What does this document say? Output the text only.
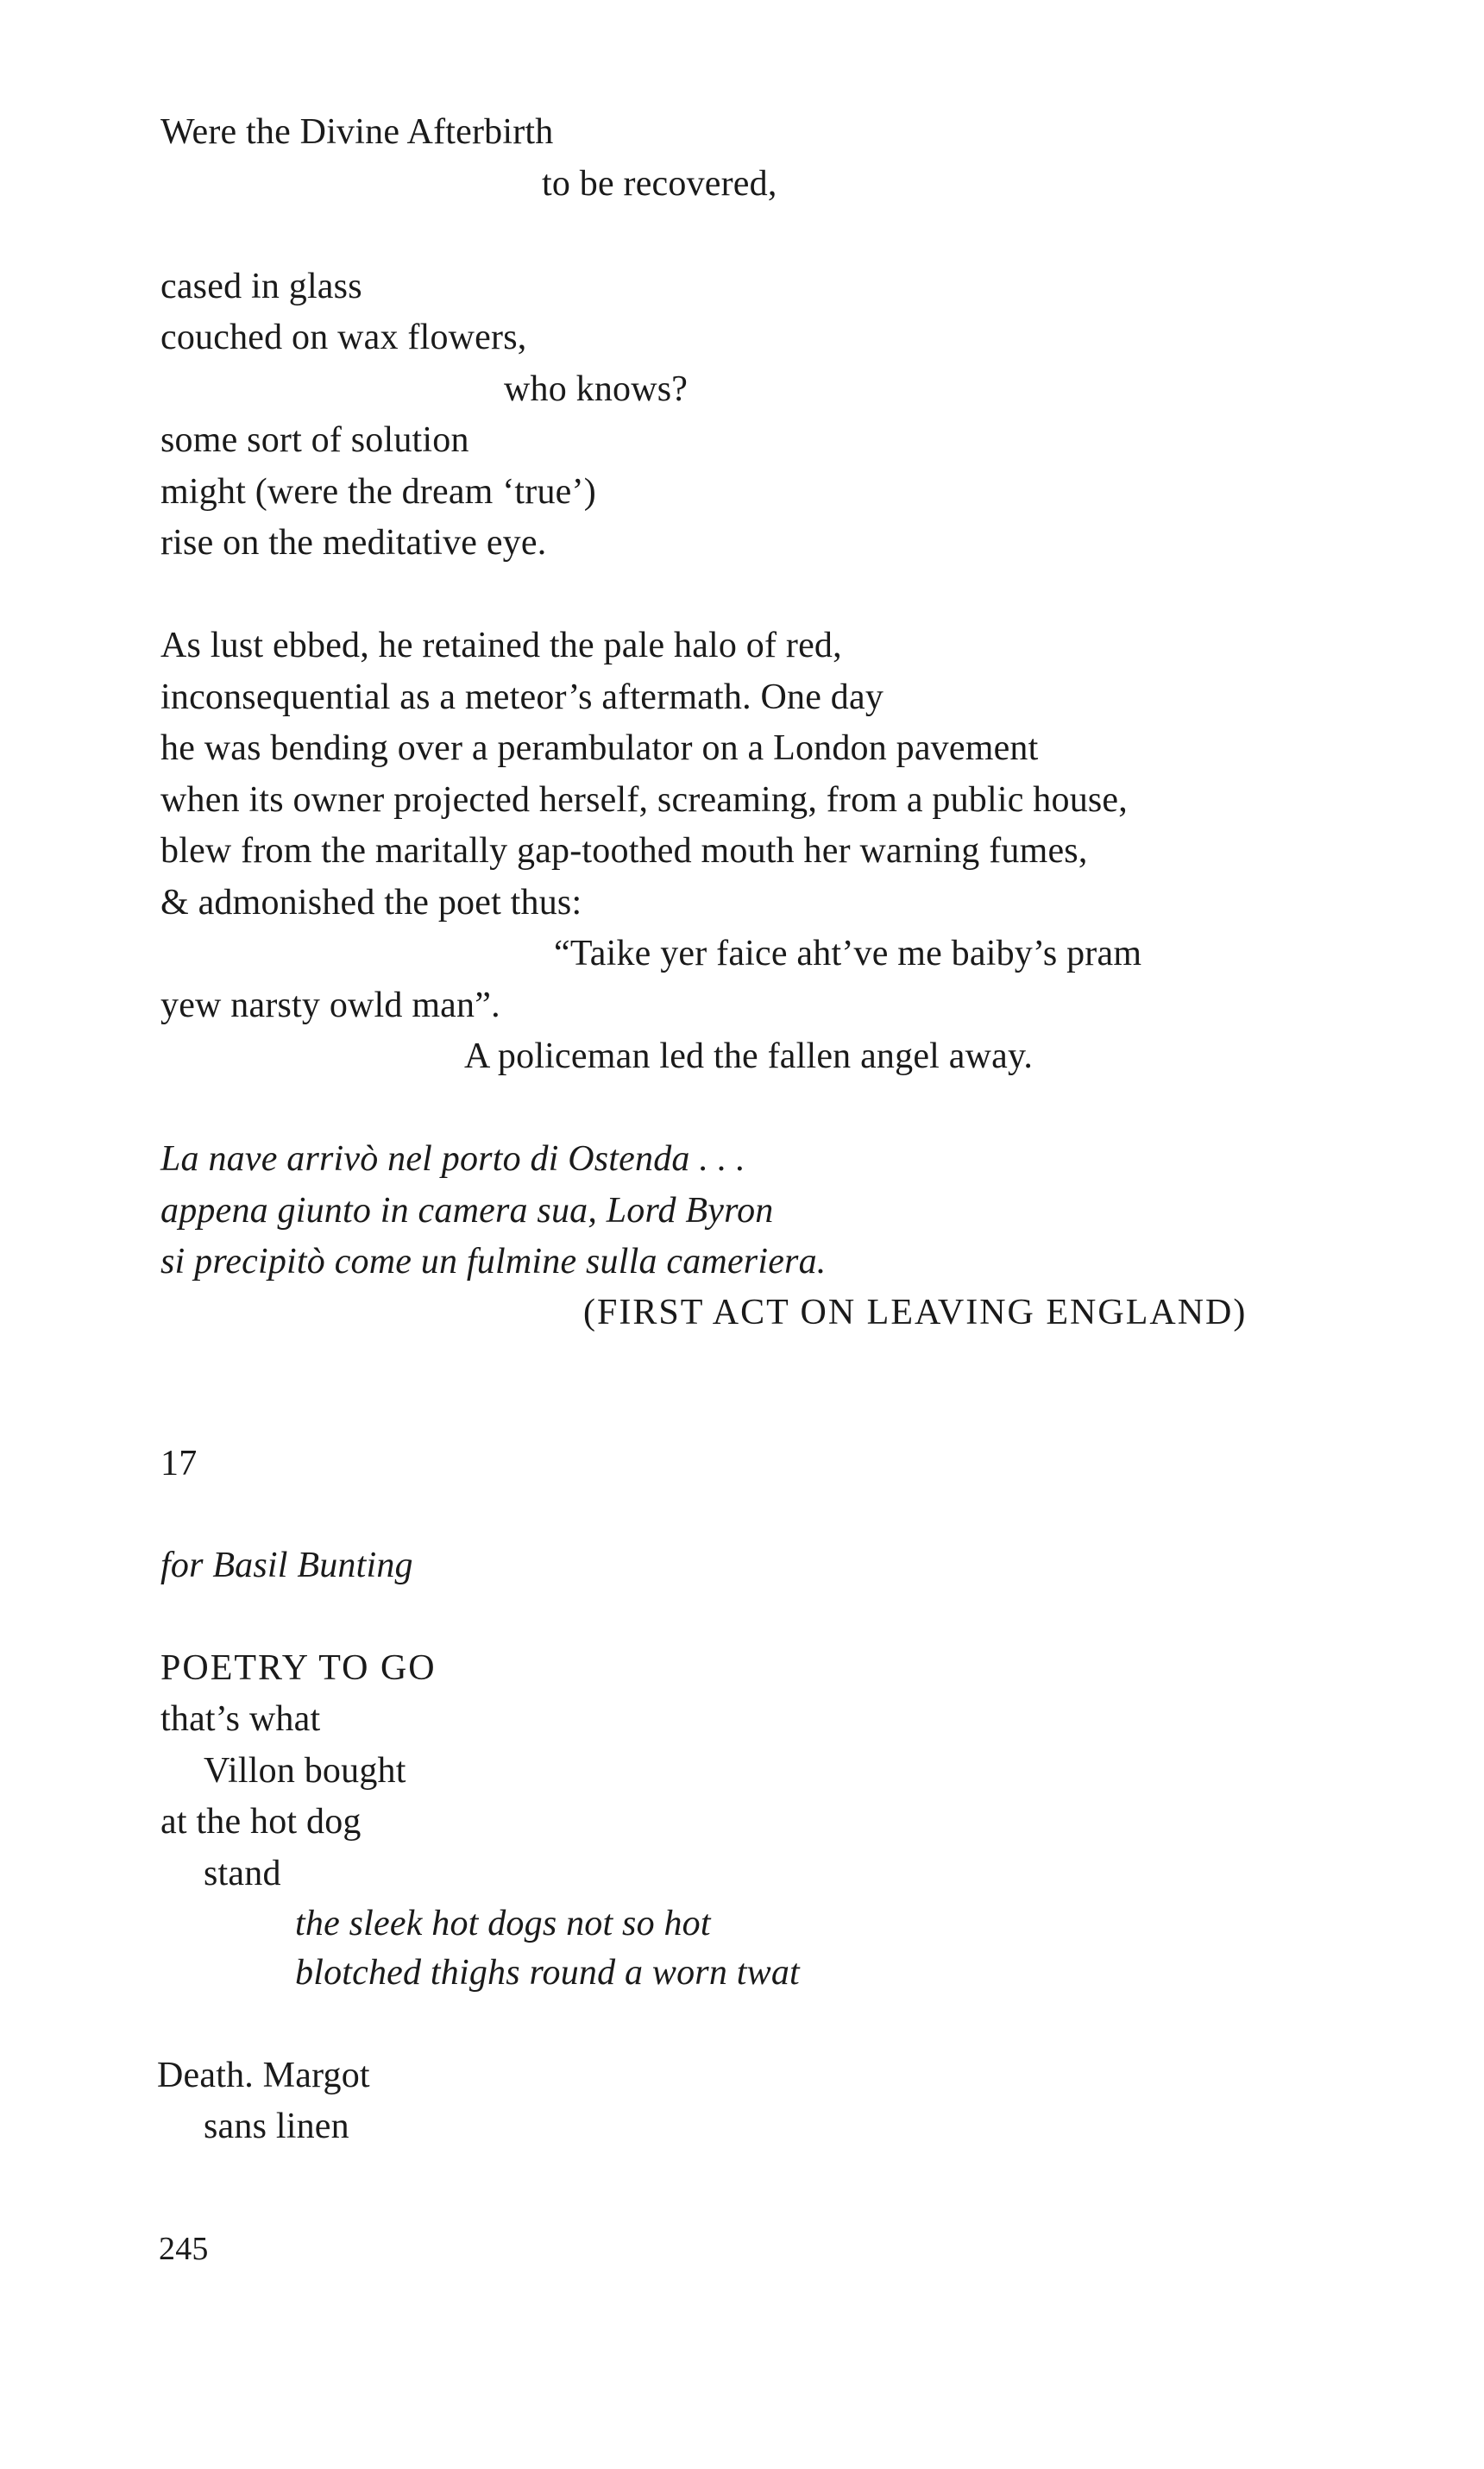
Were the Divine Afterbirth
to be recovered,
cased in glass
couched on wax flowers,
who knows?
some sort of solution
might (were the dream ‘true’)
rise on the meditative eye.
As lust ebbed, he retained the pale halo of red,
inconsequential as a meteor’s aftermath. One day
he was bending over a perambulator on a London pavement
when its owner projected herself, screaming, from a public house,
blew from the maritally gap-toothed mouth her warning fumes,
& admonished the poet thus:
“Taike yer faice aht’ve me baiby’s pram
yew narsty owld man”.
A policeman led the fallen angel away.
La nave arrivò nel porto di Ostenda . . .
appena giunto in camera sua, Lord Byron
si precipitò come un fulmine sulla cameriera.
(FIRST ACT ON LEAVING ENGLAND)
17
for Basil Bunting
POETRY TO GO
that’s what
Villon bought
at the hot dog
stand
the sleek hot dogs not so hot
blotched thighs round a worn twat
Death. Margot
sans linen
245
